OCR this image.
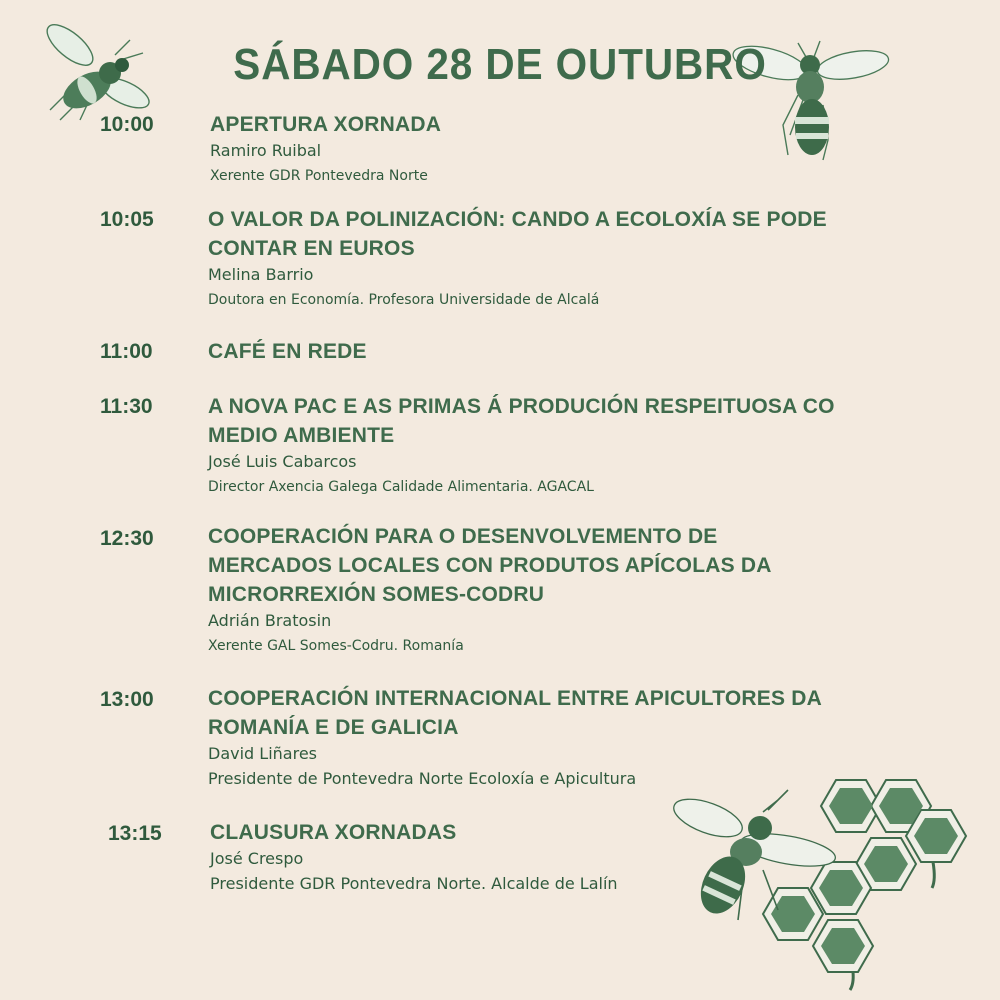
SÁBADO 28 DE OUTUBRO
10:00	APERTURA XORNADA
Ramiro Ruibal
Xerente GDR Pontevedra Norte
10:05	O VALOR DA POLINIZACIÓN: CANDO A ECOLOXÍA SE PODE
CONTAR EN EUROS
Melina Barrio
Doutora en Economía. Profesora Universidade de Alcalá
11:00	CAFÉ EN REDE
11:30	A NOVA PAC E AS PRIMAS Á PRODUCIÓN RESPEITUOSA CO
MEDIO AMBIENTE
José Luis Cabarcos
Director Axencia Galega Calidade Alimentaria. AGACAL
12:30	COOPERACIÓN PARA O DESENVOLVEMENTO DE
MERCADOS LOCALES CON PRODUTOS APÍCOLAS DA
MICRORREXIÓN SOMES-CODRU
Adrián Bratosin
Xerente GAL Somes-Codru. Romanía
13:00	COOPERACIÓN INTERNACIONAL ENTRE APICULTORES DA
ROMANÍA E DE GALICIA
David Liñares
Presidente de Pontevedra Norte Ecoloxía e Apicultura
13:15 CLAUSURA XORNADAS
José Crespo
Presidente GDR Pontevedra Norte. Alcalde de Lalín
